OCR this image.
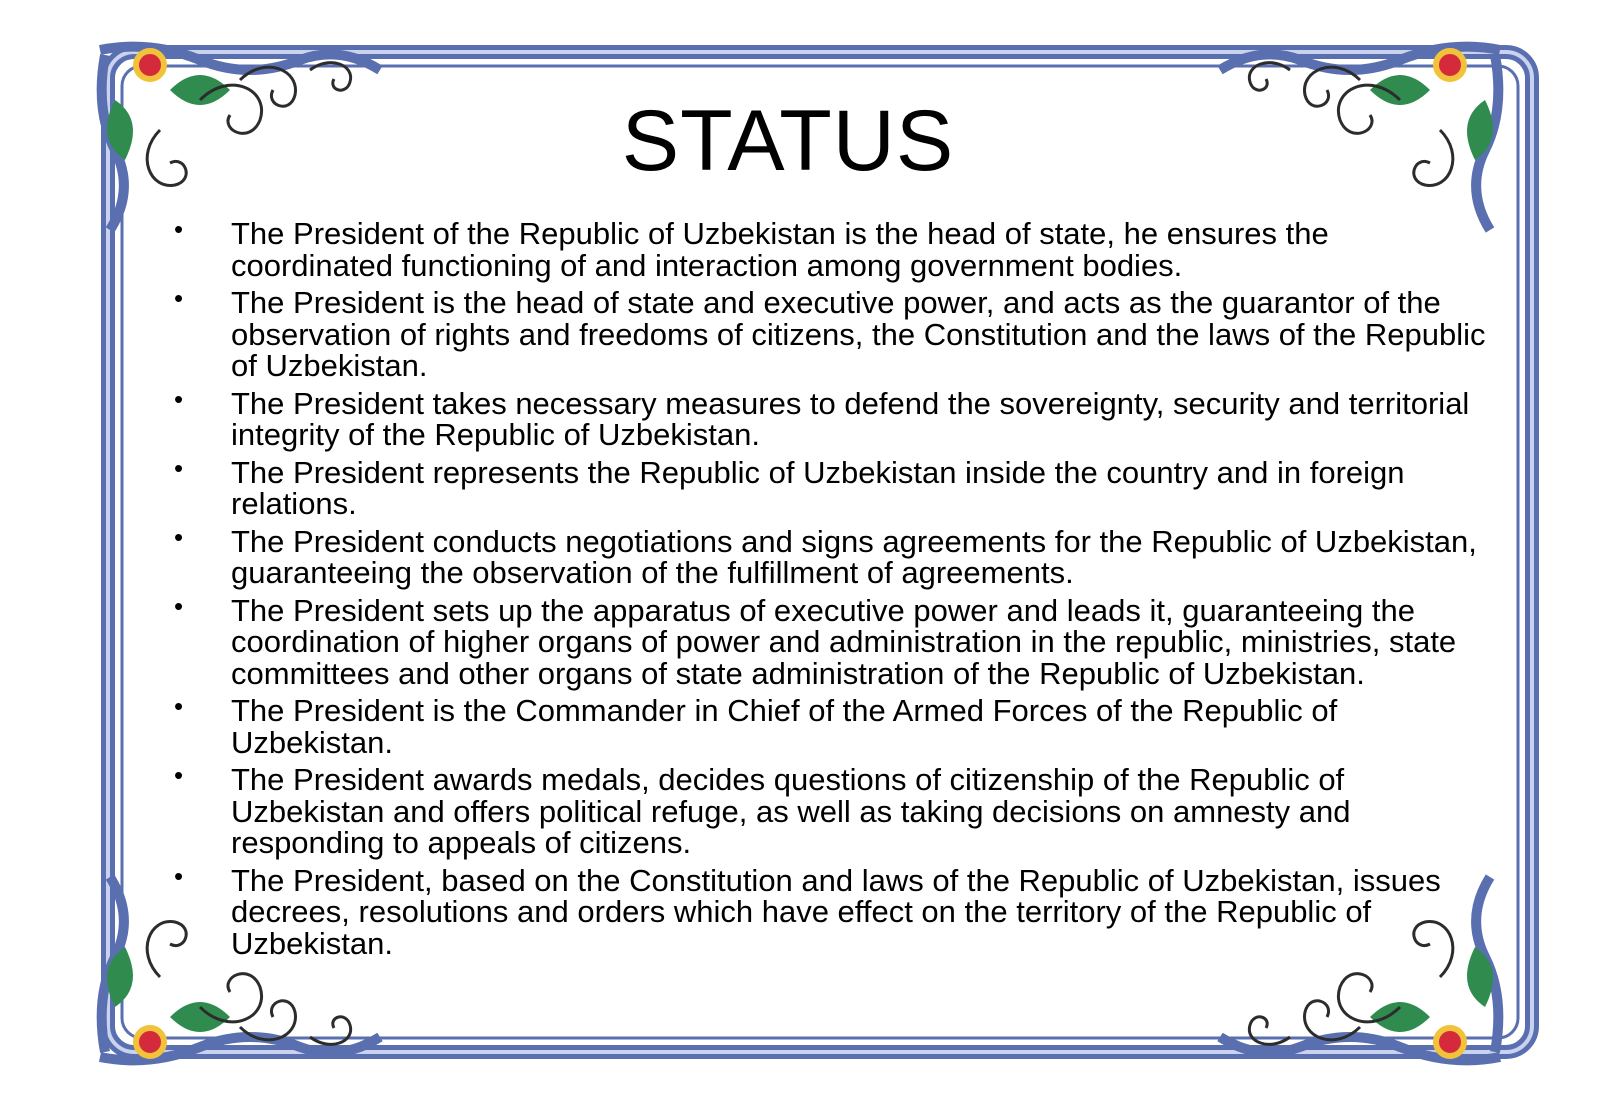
STATUS
• The President of the Republic of Uzbekistan is the head of state, he ensures the coordinated functioning of and interaction among government bodies.
• The President is the head of state and executive power, and acts as the guarantor of the observation of rights and freedoms of citizens, the Constitution and the laws of the Republic of Uzbekistan.
• The President takes necessary measures to defend the sovereignty, security and territorial integrity of the Republic of Uzbekistan.
• The President represents the Republic of Uzbekistan inside the country and in foreign relations.
• The President conducts negotiations and signs agreements for the Republic of Uzbekistan, guaranteeing the observation of the fulfillment of agreements.
• The President sets up the apparatus of executive power and leads it, guaranteeing the coordination of higher organs of power and administration in the republic, ministries, state committees and other organs of state administration of the Republic of Uzbekistan.
• The President is the Commander in Chief of the Armed Forces of the Republic of Uzbekistan.
• The President awards medals, decides questions of citizenship of the Republic of Uzbekistan and offers political refuge, as well as taking decisions on amnesty and responding to appeals of citizens.
• The President, based on the Constitution and laws of the Republic of Uzbekistan, issues decrees, resolutions and orders which have effect on the territory of the Republic of Uzbekistan.
